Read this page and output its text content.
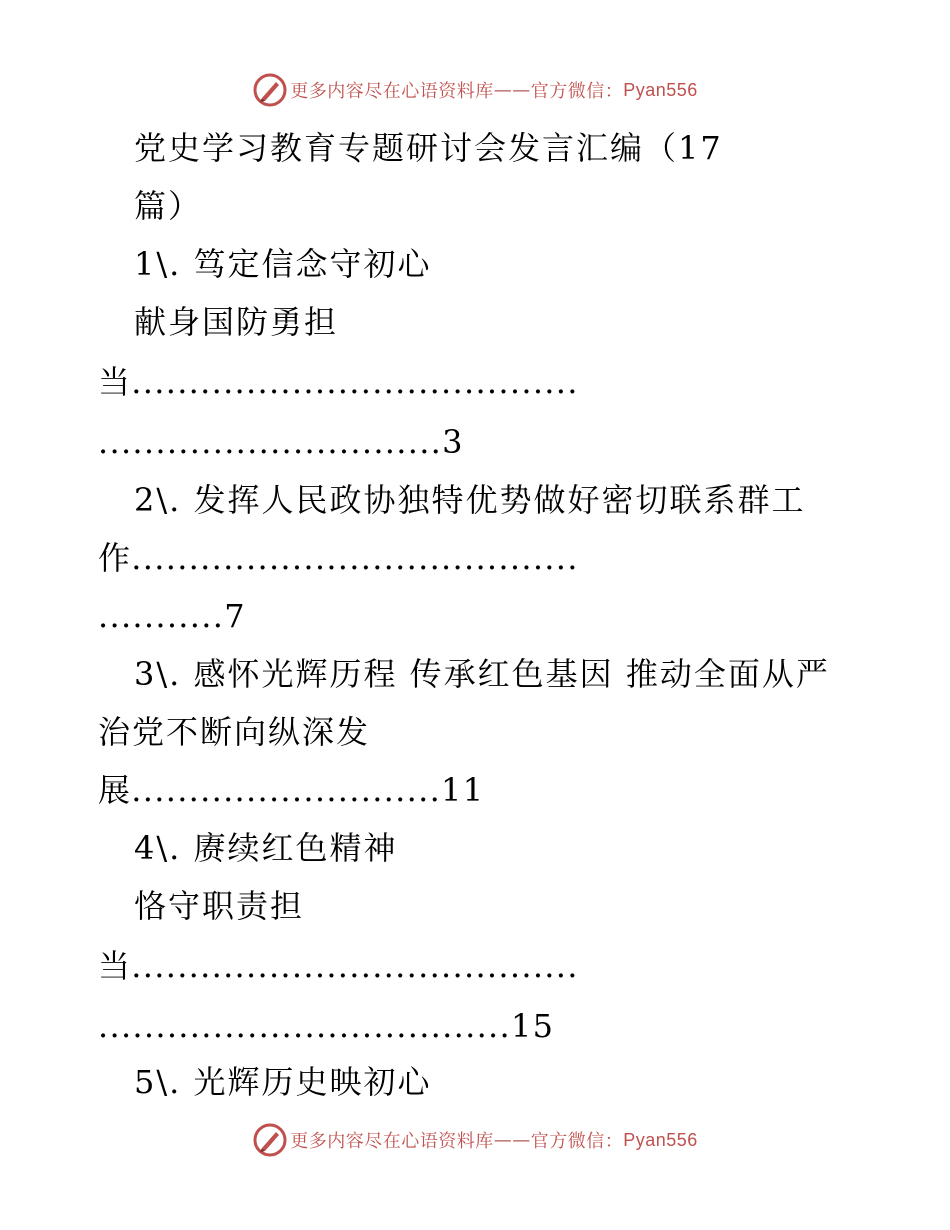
更多内容尽在心语资料库 —— 官方微信： Pyan556
党史学习教育专题研讨会发言汇编（17
篇）
1\. 笃定信念守初心
献身国防勇担
当.......................................
..............................3
2\. 发挥人民政协独特优势做好密切联系群工
作.......................................
...........7
3\. 感怀光辉历程 传承红色基因 推动全面从严
治党不断向纵深发
展...........................11
4\. 赓续红色精神
恪守职责担
当.......................................
....................................15
5\. 光辉历史映初心
更多内容尽在心语资料库 —— 官方微信： Pyan556
